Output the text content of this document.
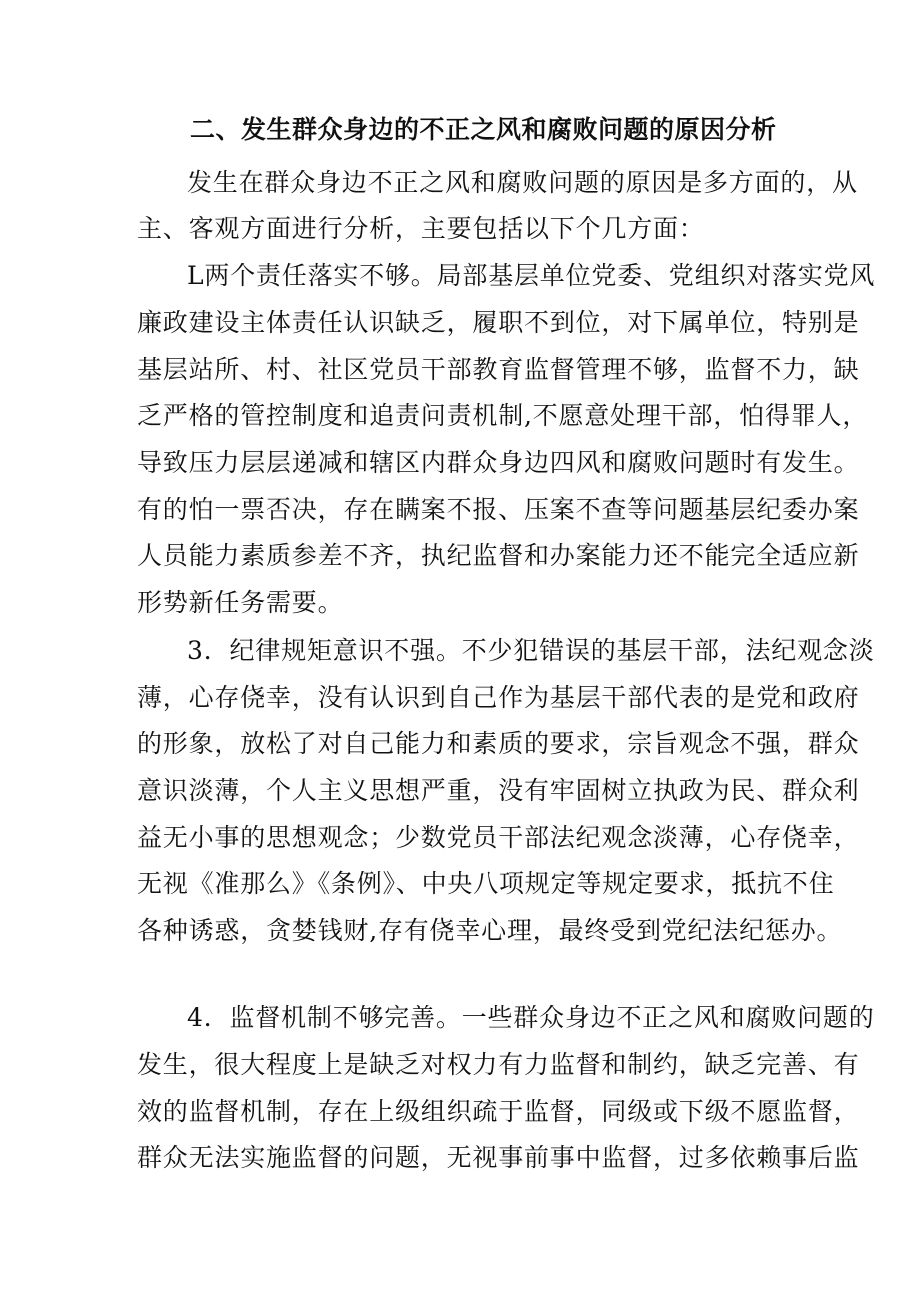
二、发生群众身边的不正之风和腐败问题的原因分析
发生在群众身边不正之风和腐败问题的原因是多方面的，从
主、客观方面进行分析，主要包括以下个几方面：
L两个责任落实不够。局部基层单位党委、党组织对落实党风
廉政建设主体责任认识缺乏，履职不到位，对下属单位，特别是
基层站所、村、社区党员干部教育监督管理不够，监督不力，缺
乏严格的管控制度和追责问责机制,不愿意处理干部，怕得罪人，
导致压力层层递减和辖区内群众身边四风和腐败问题时有发生。
有的怕一票否决，存在瞒案不报、压案不查等问题基层纪委办案
人员能力素质参差不齐，执纪监督和办案能力还不能完全适应新
形势新任务需要。
3．纪律规矩意识不强。不少犯错误的基层干部，法纪观念淡
薄，心存侥幸，没有认识到自己作为基层干部代表的是党和政府
的形象，放松了对自己能力和素质的要求，宗旨观念不强，群众
意识淡薄，个人主义思想严重，没有牢固树立执政为民、群众利
益无小事的思想观念；少数党员干部法纪观念淡薄，心存侥幸，
无视《准那么》《条例》、中央八项规定等规定要求，抵抗不住
各种诱惑，贪婪钱财,存有侥幸心理，最终受到党纪法纪惩办。
4．监督机制不够完善。一些群众身边不正之风和腐败问题的
发生，很大程度上是缺乏对权力有力监督和制约，缺乏完善、有
效的监督机制，存在上级组织疏于监督，同级或下级不愿监督，
群众无法实施监督的问题，无视事前事中监督，过多依赖事后监
